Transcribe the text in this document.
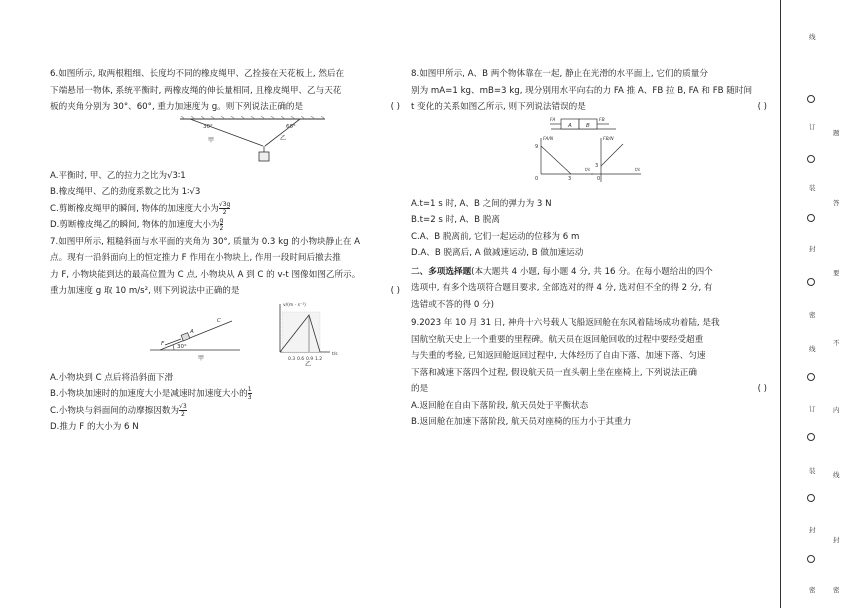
6.如图所示, 取两根粗细、长度均不同的橡皮绳甲、乙拴接在天花板上, 然后在

下端悬吊一物体, 系统平衡时, 两橡皮绳的伸长量相同, 且橡皮绳甲、乙与天花

板的夹角分别为 30°、60°, 重力加速度为 g。则下列说法正确的是	( )

30°	60°
甲	乙

A.平衡时, 甲、乙的拉力之比为√3∶1

B.橡皮绳甲、乙的劲度系数之比为 1∶√3

C.剪断橡皮绳甲的瞬间, 物体的加速度大小为 $\frac{√3g}{2}$

D.剪断橡皮绳乙的瞬间, 物体的加速度大小为 $\frac{g}{2}$

7.如图甲所示, 粗糙斜面与水平面的夹角为 30°, 质量为 0.3 kg 的小物块静止在 A

点。现有一沿斜面向上的恒定推力 F 作用在小物块上, 作用一段时间后撤去推

力 F, 小物块能到达的最高位置为 C 点, 小物块从 A 到 C 的 v-t 图像如图乙所示。

重力加速度 g 取 10 m/s², 则下列说法中正确的是	( )

30°
F
A
C
甲
v/(m · s⁻¹)
t/s
0.3 0.6 0.9 1.2
乙

A.小物块到 C 点后将沿斜面下滑

B.小物块加速时的加速度大小是减速时加速度大小的 $\frac{1}{3}$

C.小物块与斜面间的动摩擦因数为 $\frac{√3}{2}$

D.推力 F 的大小为 6 N

8.如图甲所示, A、B 两个物体靠在一起, 静止在光滑的水平面上, 它们的质量分

别为 mA=1 kg、mB=3 kg, 现分别用水平向右的力 FA 推 A、FB 拉 B, FA 和 FB 随时间

t 变化的关系如图乙所示, 则下列说法错误的是	( )

A	B
FA	FB
FA/N
9
0	3
t/s
FB/N
3
0
t/s

A.t=1 s 时, A、B 之间的弹力为 3 N

B.t=2 s 时, A、B 脱离

C.A、B 脱离前, 它们一起运动的位移为 6 m

D.A、B 脱离后, A 做减速运动, B 做加速运动

二、多项选择题(本大题共 4 小题, 每小题 4 分, 共 16 分。在每小题给出的四个

选项中, 有多个选项符合题目要求, 全部选对的得 4 分, 选对但不全的得 2 分, 有

选错或不答的得 0 分)

9.2023 年 10 月 31 日, 神舟十六号载人飞船返回舱在东风着陆场成功着陆, 是我

国航空航天史上一个重要的里程碑。航天员在返回舱回收的过程中要经受超重

与失重的考验, 已知返回舱返回过程中, 大体经历了自由下落、加速下落、匀速

下落和减速下落四个过程, 假设航天员一直头朝上坐在座椅上, 下列说法正确

的是	( )

A.返回舱在自由下落阶段, 航天员处于平衡状态

B.返回舱在加速下落阶段, 航天员对座椅的压力小于其重力

线
订
装
封
密
线
订
装
封
密
题
答
要
不
内
线
封
密
